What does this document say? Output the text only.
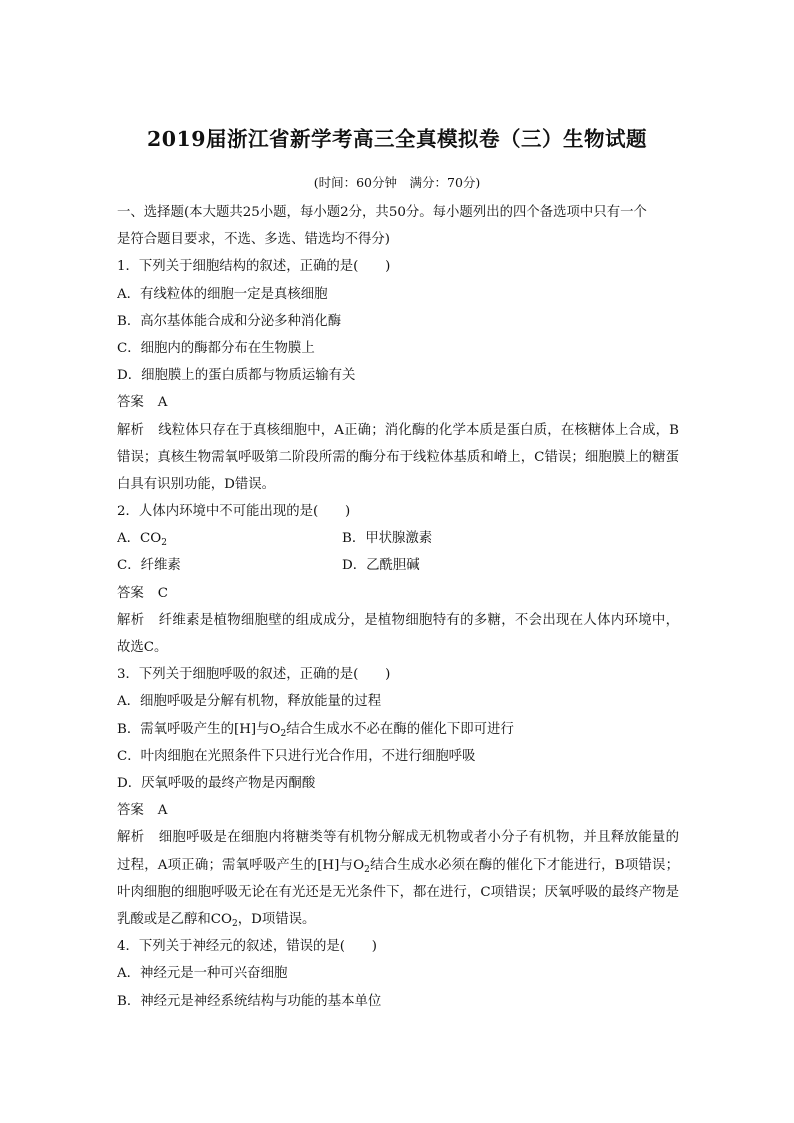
2019届浙江省新学考高三全真模拟卷（三）生物试题
(时间：60分钟　满分：70分)
一、选择题(本大题共25小题，每小题2分，共50分。每小题列出的四个备选项中只有一个
是符合题目要求，不选、多选、错选均不得分)
1．下列关于细胞结构的叙述，正确的是(　　)
A．有线粒体的细胞一定是真核细胞
B．高尔基体能合成和分泌多种消化酶
C．细胞内的酶都分布在生物膜上
D．细胞膜上的蛋白质都与物质运输有关
答案 A
解析 线粒体只存在于真核细胞中，A正确；消化酶的化学本质是蛋白质，在核糖体上合成，B错误；真核生物需氧呼吸第二阶段所需的酶分布于线粒体基质和嵴上，C错误；细胞膜上的糖蛋白具有识别功能，D错误。
2．人体内环境中不可能出现的是(　　)
A．$CO_2$	B．甲状腺激素
C．纤维素	D．乙酰胆碱
答案 C
解析 纤维素是植物细胞壁的组成成分，是植物细胞特有的多糖，不会出现在人体内环境中，故选C。
3．下列关于细胞呼吸的叙述，正确的是(　　)
A．细胞呼吸是分解有机物，释放能量的过程
B．需氧呼吸产生的[H]与$O_2$结合生成水不必在酶的催化下即可进行
C．叶肉细胞在光照条件下只进行光合作用，不进行细胞呼吸
D．厌氧呼吸的最终产物是丙酮酸
答案 A
解析 细胞呼吸是在细胞内将糖类等有机物分解成无机物或者小分子有机物，并且释放能量的过程，A项正确；需氧呼吸产生的[H]与$O_2$结合生成水必须在酶的催化下才能进行，B项错误；叶肉细胞的细胞呼吸无论在有光还是无光条件下，都在进行，C项错误；厌氧呼吸的最终产物是乳酸或是乙醇和$CO_2$，D项错误。
4．下列关于神经元的叙述，错误的是(　　)
A．神经元是一种可兴奋细胞
B．神经元是神经系统结构与功能的基本单位
